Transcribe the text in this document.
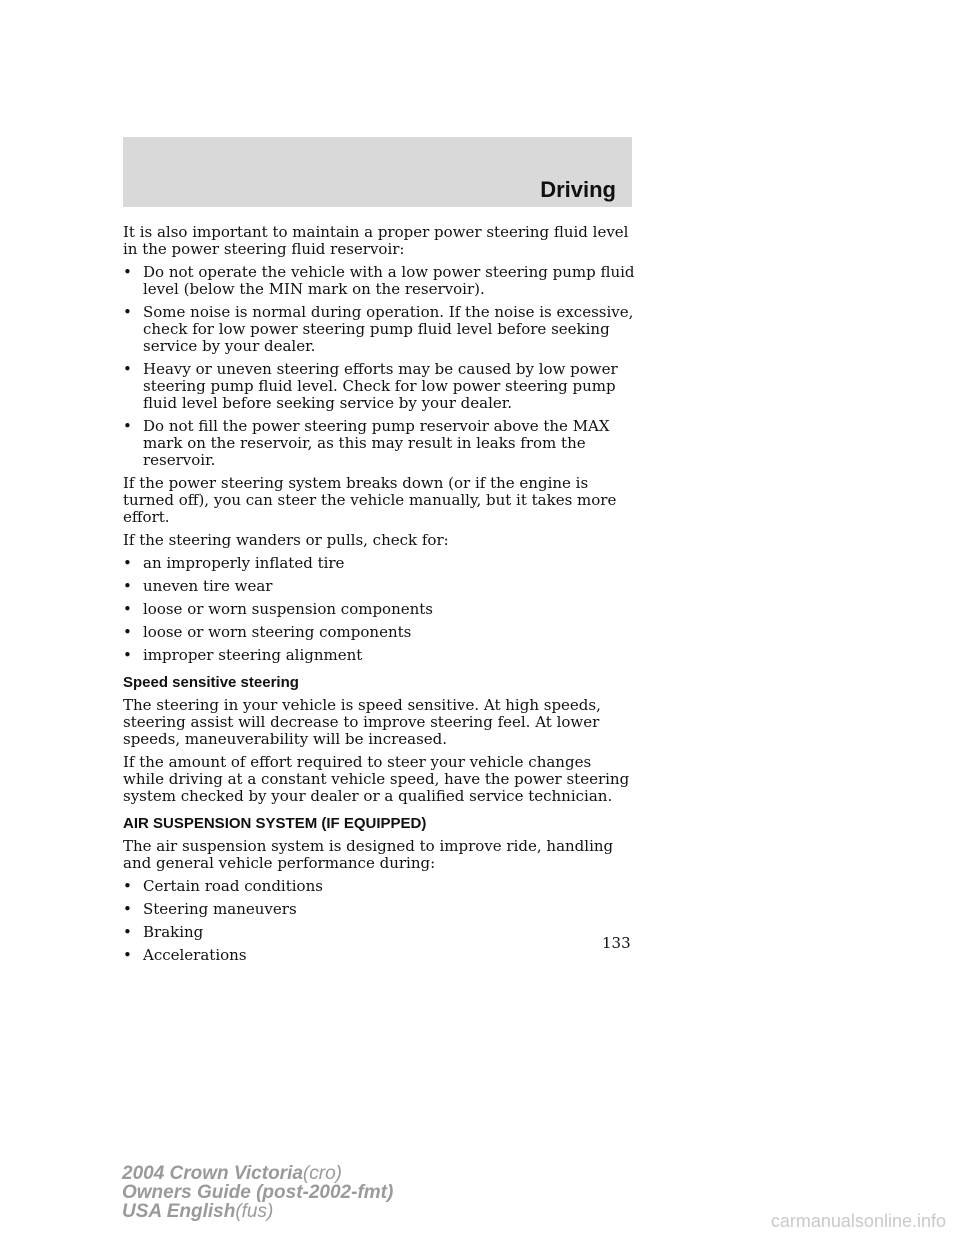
Driving

It is also important to maintain a proper power steering fluid level in the power steering fluid reservoir:

• Do not operate the vehicle with a low power steering pump fluid level (below the MIN mark on the reservoir).
• Some noise is normal during operation. If the noise is excessive, check for low power steering pump fluid level before seeking service by your dealer.
• Heavy or uneven steering efforts may be caused by low power steering pump fluid level. Check for low power steering pump fluid level before seeking service by your dealer.
• Do not fill the power steering pump reservoir above the MAX mark on the reservoir, as this may result in leaks from the reservoir.

If the power steering system breaks down (or if the engine is turned off), you can steer the vehicle manually, but it takes more effort.

If the steering wanders or pulls, check for:

• an improperly inflated tire
• uneven tire wear
• loose or worn suspension components
• loose or worn steering components
• improper steering alignment
Speed sensitive steering

The steering in your vehicle is speed sensitive. At high speeds, steering assist will decrease to improve steering feel. At lower speeds, maneuverability will be increased.

If the amount of effort required to steer your vehicle changes while driving at a constant vehicle speed, have the power steering system checked by your dealer or a qualified service technician.

AIR SUSPENSION SYSTEM (IF EQUIPPED)

The air suspension system is designed to improve ride, handling and general vehicle performance during:

• Certain road conditions
• Steering maneuvers
• Braking
• Accelerations
133
2004 Crown Victoria(cro)
Owners Guide (post-2002-fmt)
USA English(fus)	carmanualsonline.info
